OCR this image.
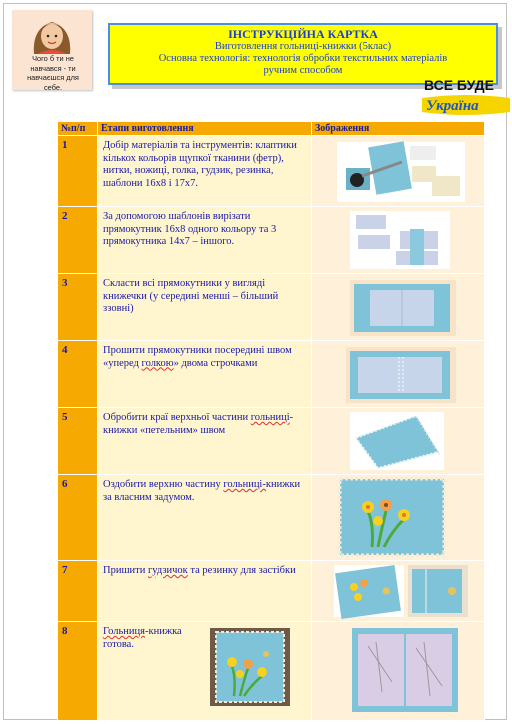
Чого б ти не навчався - ти навчаєшся для себе.
ІНСТРУКЦІЙНА КАРТКА
Виготовлення гольниці-книжки (5клас)
Основна технологія: технологія обробки текстильних матеріалів
ручним способом
ВСЕ БУДЕ
Україна
№п/п	Етапи виготовлення	Зображення
1	Добір матеріалів та інструментів: клаптики кількох кольорів щупкої тканини (фетр), нитки, ножиці, голка, гудзик, резинка, шаблони 16х8 і 17х7.	

2	За допомогою шаблонів вирізати прямокутник 16х8 одного кольору та 3 прямокутника 14х7 – іншого.	

3	Скласти всі прямокутники у вигляді книжечки (у середині менші – більший ззовні)	

4	Прошити прямокутники посередині швом «уперед голкою» двома строчками	

5	Обробити краї верхньої частини гольниці-книжки «петельним» швом	

6	Оздобити верхню частину гольниці-книжки за власним задумом.	

7	Пришити гудзичок та резинку для застібки	

8	Гольниця-книжка
готова.
